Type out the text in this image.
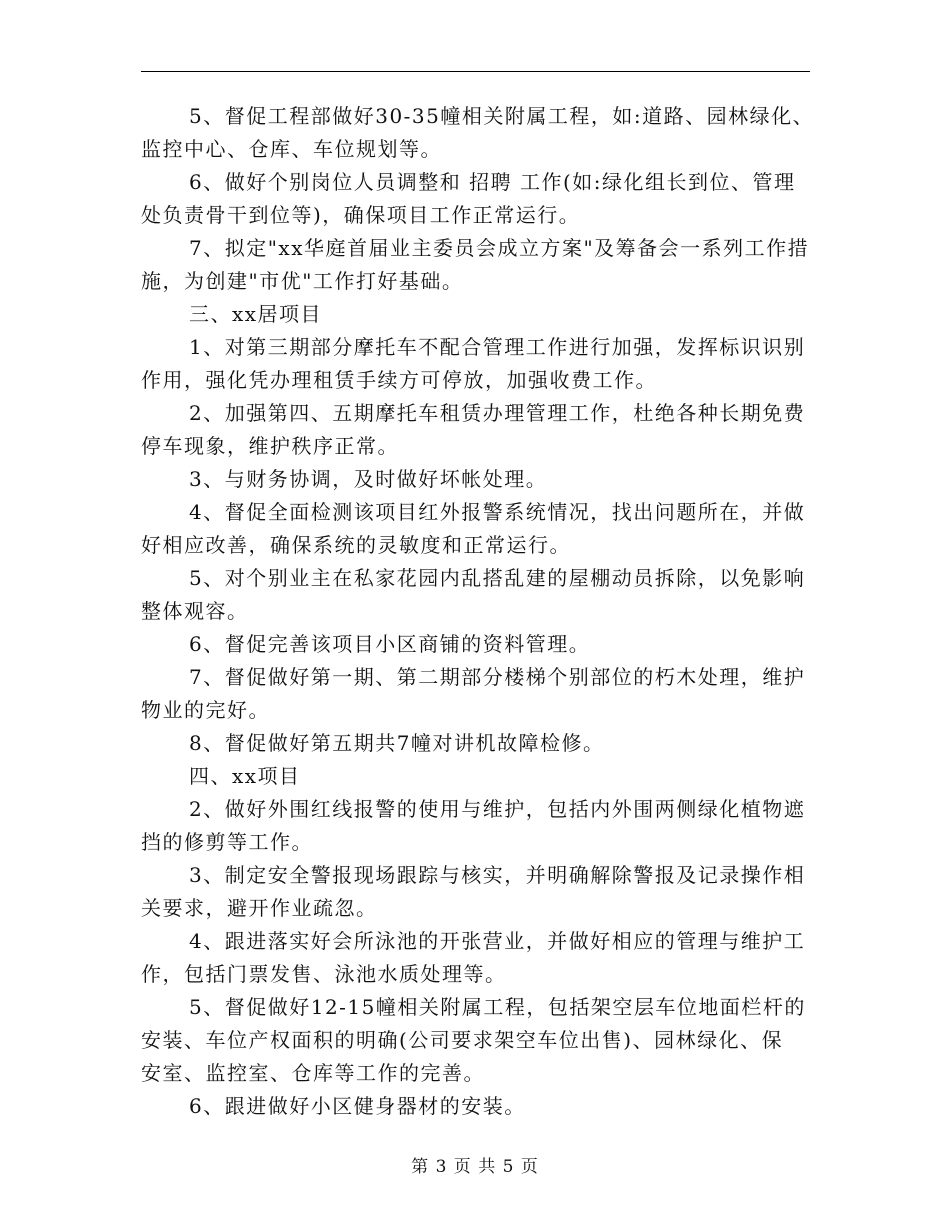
5、督促工程部做好30-35幢相关附属工程，如:道路、园林绿化、
监控中心、仓库、车位规划等。
6、做好个别岗位人员调整和 招聘 工作(如:绿化组长到位、管理
处负责骨干到位等)，确保项目工作正常运行。
7、拟定"xx华庭首届业主委员会成立方案"及筹备会一系列工作措
施，为创建"市优"工作打好基础。
三、xx居项目
1、对第三期部分摩托车不配合管理工作进行加强，发挥标识识别
作用，强化凭办理租赁手续方可停放，加强收费工作。
2、加强第四、五期摩托车租赁办理管理工作，杜绝各种长期免费
停车现象，维护秩序正常。
3、与财务协调，及时做好坏帐处理。
4、督促全面检测该项目红外报警系统情况，找出问题所在，并做
好相应改善，确保系统的灵敏度和正常运行。
5、对个别业主在私家花园内乱搭乱建的屋棚动员拆除，以免影响
整体观容。
6、督促完善该项目小区商铺的资料管理。
7、督促做好第一期、第二期部分楼梯个别部位的朽木处理，维护
物业的完好。
8、督促做好第五期共7幢对讲机故障检修。
四、xx项目
2、做好外围红线报警的使用与维护，包括内外围两侧绿化植物遮
挡的修剪等工作。
3、制定安全警报现场跟踪与核实，并明确解除警报及记录操作相
关要求，避开作业疏忽。
4、跟进落实好会所泳池的开张营业，并做好相应的管理与维护工
作，包括门票发售、泳池水质处理等。
5、督促做好12-15幢相关附属工程，包括架空层车位地面栏杆的
安装、车位产权面积的明确(公司要求架空车位出售)、园林绿化、保
安室、监控室、仓库等工作的完善。
6、跟进做好小区健身器材的安装。
第 3 页 共 5 页
